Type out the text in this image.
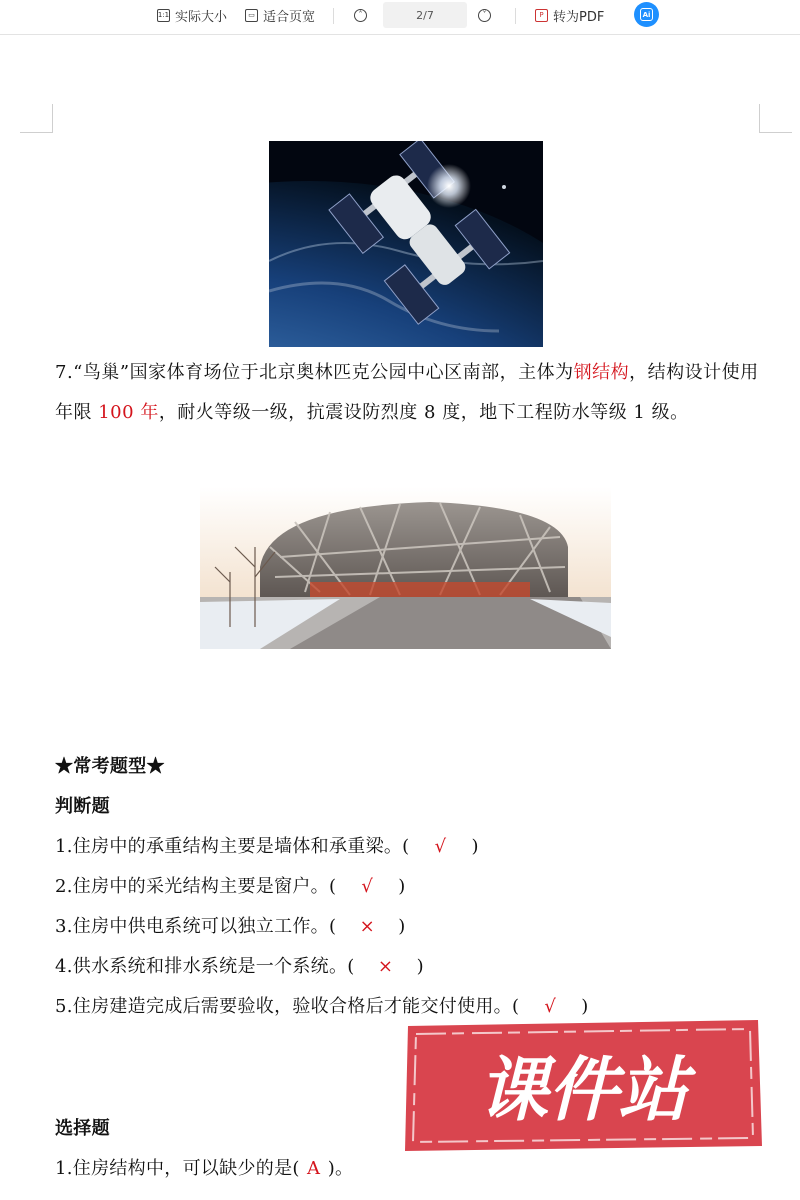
1:1 实际大小	▭ 适合页宽	˄	2/7	˅	P 转为PDF	Ai
7.“鸟巢”国家体育场位于北京奥林匹克公园中心区南部，主体为钢结构，结构设计使用年限 100 年，耐火等级一级，抗震设防烈度 8 度，地下工程防水等级 1 级。
★常考题型★
判断题
1.住房中的承重结构主要是墙体和承重梁。( √ )
2.住房中的采光结构主要是窗户。( √ )
3.住房中供电系统可以独立工作。( × )
4.供水系统和排水系统是一个系统。( × )
5.住房建造完成后需要验收，验收合格后才能交付使用。( √ )
选择题
1.住房结构中，可以缺少的是( A )。
课件站
